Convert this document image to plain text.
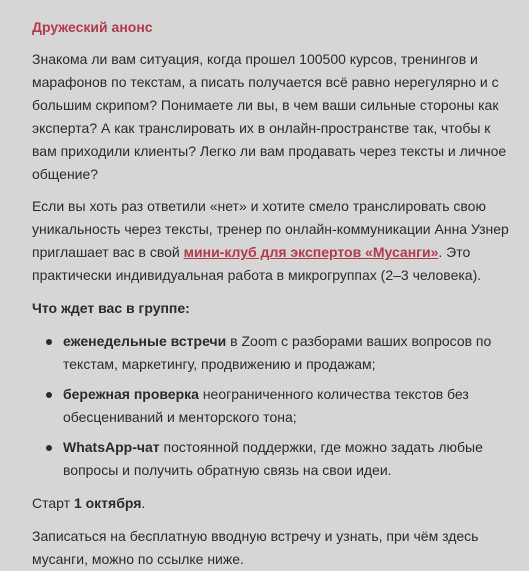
Дружеский анонс

Знакома ли вам ситуация, когда прошел 100500 курсов, тренингов и марафонов по текстам, а писать получается всё равно нерегулярно и с большим скрипом? Понимаете ли вы, в чем ваши сильные стороны как эксперта? А как транслировать их в онлайн-пространстве так, чтобы к вам приходили клиенты? Легко ли вам продавать через тексты и личное общение?

Если вы хоть раз ответили «нет» и хотите смело транслировать свою уникальность через тексты, тренер по онлайн-коммуникации Анна Узнер приглашает вас в свой мини-клуб для экспертов «Мусанги». Это практически индивидуальная работа в микрогруппах (2–3 человека).

Что ждет вас в группе:

еженедельные встречи в Zoom с разборами ваших вопросов по текстам, маркетингу, продвижению и продажам;
бережная проверка неограниченного количества текстов без обесцениваний и менторского тона;
WhatsApp-чат постоянной поддержки, где можно задать любые вопросы и получить обратную связь на свои идеи.

Старт 1 октября.

Записаться на бесплатную вводную встречу и узнать, при чём здесь мусанги, можно по ссылке ниже.
